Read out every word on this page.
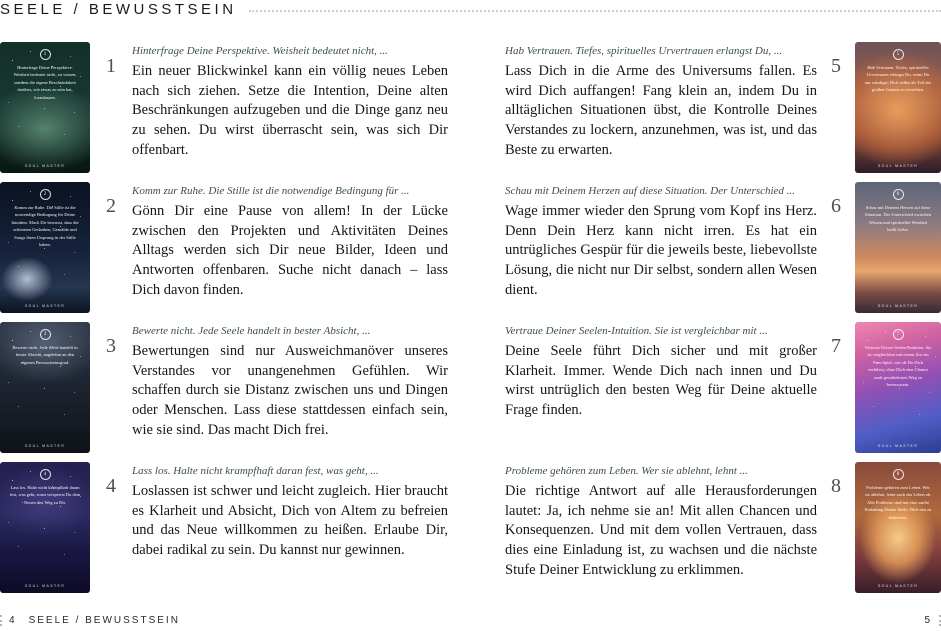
SEELE / BEWUSSTSEIN
1
Hinterfrage Deine Perspektive. Weisheit bedeutet nicht, zu wissen, sondern die eigene Beschränktheit darüber, wie etwas zu sein hat, loszulassen.
SOUL MASTER
1
Hinterfrage Deine Perspektive. Weisheit bedeutet nicht, ...
Ein neuer Blickwinkel kann ein völlig neues Leben nach sich ziehen. Setze die Intention, Deine alten Beschränkungen aufzugeben und die Dinge ganz neu zu sehen. Du wirst überrascht sein, was sich Dir offenbart.
2
Komm zur Ruhe. Die Stille ist die notwendige Bedingung für Deine Intuition. Mach Dir bewusst, dass die schönsten Gedanken, Gemälde und Songs ihren Ursprung in der Stille haben.
SOUL MASTER
2
Komm zur Ruhe. Die Stille ist die notwendige Bedingung für ...
Gönn Dir eine Pause von allem! In der Lücke zwischen den Projekten und Aktivitäten Deines Alltags werden sich Dir neue Bilder, Ideen und Antworten offenbaren. Suche nicht danach – lass Dich davon finden.
3
Bewerte nicht. Jede Seele handelt in bester Absicht, angelehnt an den eigenen Bewusstseinsgrad.
SOUL MASTER
3
Bewerte nicht. Jede Seele handelt in bester Absicht, ...
Bewertungen sind nur Ausweichmanöver unseres Verstandes vor unangenehmen Gefühlen. Wir schaffen durch sie Distanz zwischen uns und Dingen oder Menschen. Lass diese stattdessen einfach sein, wie sie sind. Das macht Dich frei.
4
Lass los. Halte nicht krampfhaft daran fest, was geht, sonst versperrst Du dem Neuen den Weg zu Dir.
SOUL MASTER
4
Lass los. Halte nicht krampfhaft daran fest, was geht, ...
Loslassen ist schwer und leicht zugleich. Hier braucht es Klarheit und Absicht, Dich von Altem zu befreien und das Neue willkommen zu heißen. Erlaube Dir, dabei radikal zu sein. Du kannst nur gewinnen.
Hab Vertrauen. Tiefes, spirituelles Urvertrauen erlangst Du, ...
Lass Dich in die Arme des Universums fallen. Es wird Dich auffangen! Fang klein an, indem Du in alltäglichen Situationen übst, die Kontrolle Deines Verstandes zu lockern, anzunehmen, was ist, und das Beste zu erwarten.
5
5
Hab Vertrauen. Tiefes, spirituelles Urvertrauen erlangst Du, wenn Du nur würdigst, Dich selbst als Teil des großen Ganzen zu verstehen.
SOUL MASTER
Schau mit Deinem Herzen auf diese Situation. Der Unterschied ...
Wage immer wieder den Sprung vom Kopf ins Herz. Denn Dein Herz kann nicht irren. Es hat ein untrügliches Gespür für die jeweils beste, liebevollste Lösung, die nicht nur Dir selbst, sondern allen Wesen dient.
6
6
Schau mit Deinem Herzen auf diese Situation. Der Unterschied zwischen Wissen und spiritueller Weisheit heißt Liebe.
SOUL MASTER
Vertraue Deiner Seelen-Intuition. Sie ist vergleichbar mit ...
Deine Seele führt Dich sicher und mit großer Klarheit. Immer. Wende Dich nach innen und Du wirst untrüglich den besten Weg für Deine aktuelle Frage finden.
7
7
Vertraue Deiner Seelen-Intuition. Sie ist vergleichbar mit einem Zoo im Pass-Spiel, wie oft Du Dich verführst, ohne Dich eine Chance sanft gewährlesten Weg zu bewusstsein.
SOUL MASTER
Probleme gehören zum Leben. Wer sie ablehnt, lehnt ...
Die richtige Antwort auf alle Herausforderungen lautet: Ja, ich nehme sie an! Mit allen Chancen und Konsequenzen. Und mit dem vollen Vertrauen, dass dies eine Einladung ist, zu wachsen und die nächste Stufe Deiner Entwicklung zu erklimmen.
8
8
Probleme gehören zum Leben. Wer sie ablehnt, lehnt auch das Leben ab. Alle Probleme sind mit eine sanfte Einladung Deiner Seele, Dich neu zu definieren.
SOUL MASTER
4 SEELE / BEWUSSTSEIN	5
